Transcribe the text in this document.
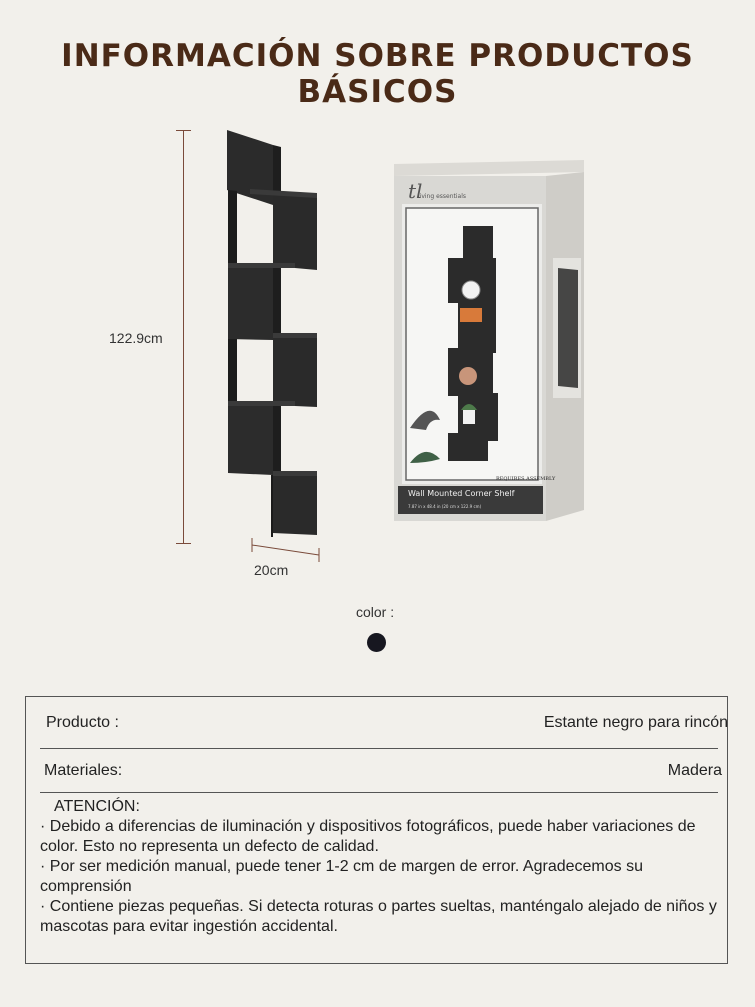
INFORMACIÓN SOBRE PRODUCTOS BÁSICOS
122.9cm
20cm
tl
living essentials
Wall Mounted Corner Shelf
7.87 in x 48.4 in (20 cm x 122.9 cm)
REQUIRES ASSEMBLY
color :
Producto :	Estante negro para rincón
Materiales:	Madera

ATENCIÓN:

· Debido a diferencias de iluminación y dispositivos fotográficos, puede haber variaciones de color. Esto no representa un defecto de calidad.

· Por ser medición manual, puede tener 1-2 cm de margen de error. Agradecemos su comprensión

· Contiene piezas pequeñas. Si detecta roturas o partes sueltas, manténgalo alejado de niños y mascotas para evitar ingestión accidental.
